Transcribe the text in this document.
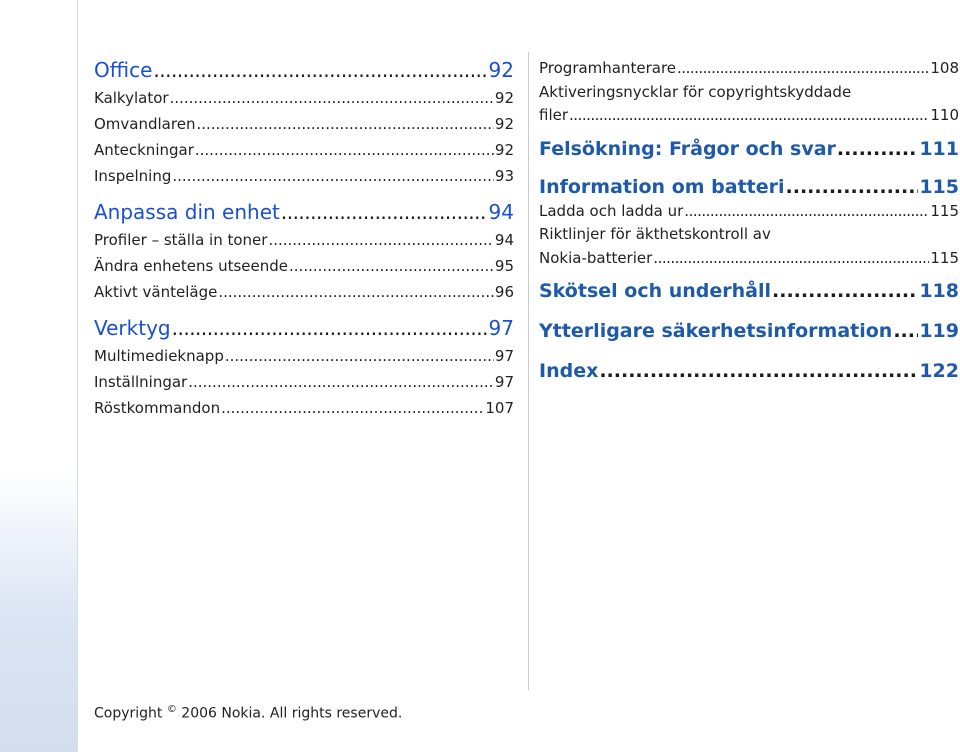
Office .....	92
Kalkylator .....	92
Omvandlaren .....	92
Anteckningar .....	92
Inspelning .....	93
Anpassa din enhet .....	94
Profiler – ställa in toner .....	94
Ändra enhetens utseende .....	95
Aktivt vänteläge .....	96
Verktyg .....	97
Multimedieknapp .....	97
Inställningar .....	97
Röstkommandon .....	107
Programhanterare .....	108
Aktiveringsnycklar för copyrightskyddade
filer .....	110
Felsökning: Frågor och svar .....	111
Information om batteri .....	115
Ladda och ladda ur .....	115
Riktlinjer för äkthetskontroll av
Nokia-batterier .....	115
Skötsel och underhåll .....	118
Ytterligare säkerhetsinformation ..... 119
Index .....	122
Copyright © 2006 Nokia. All rights reserved.
